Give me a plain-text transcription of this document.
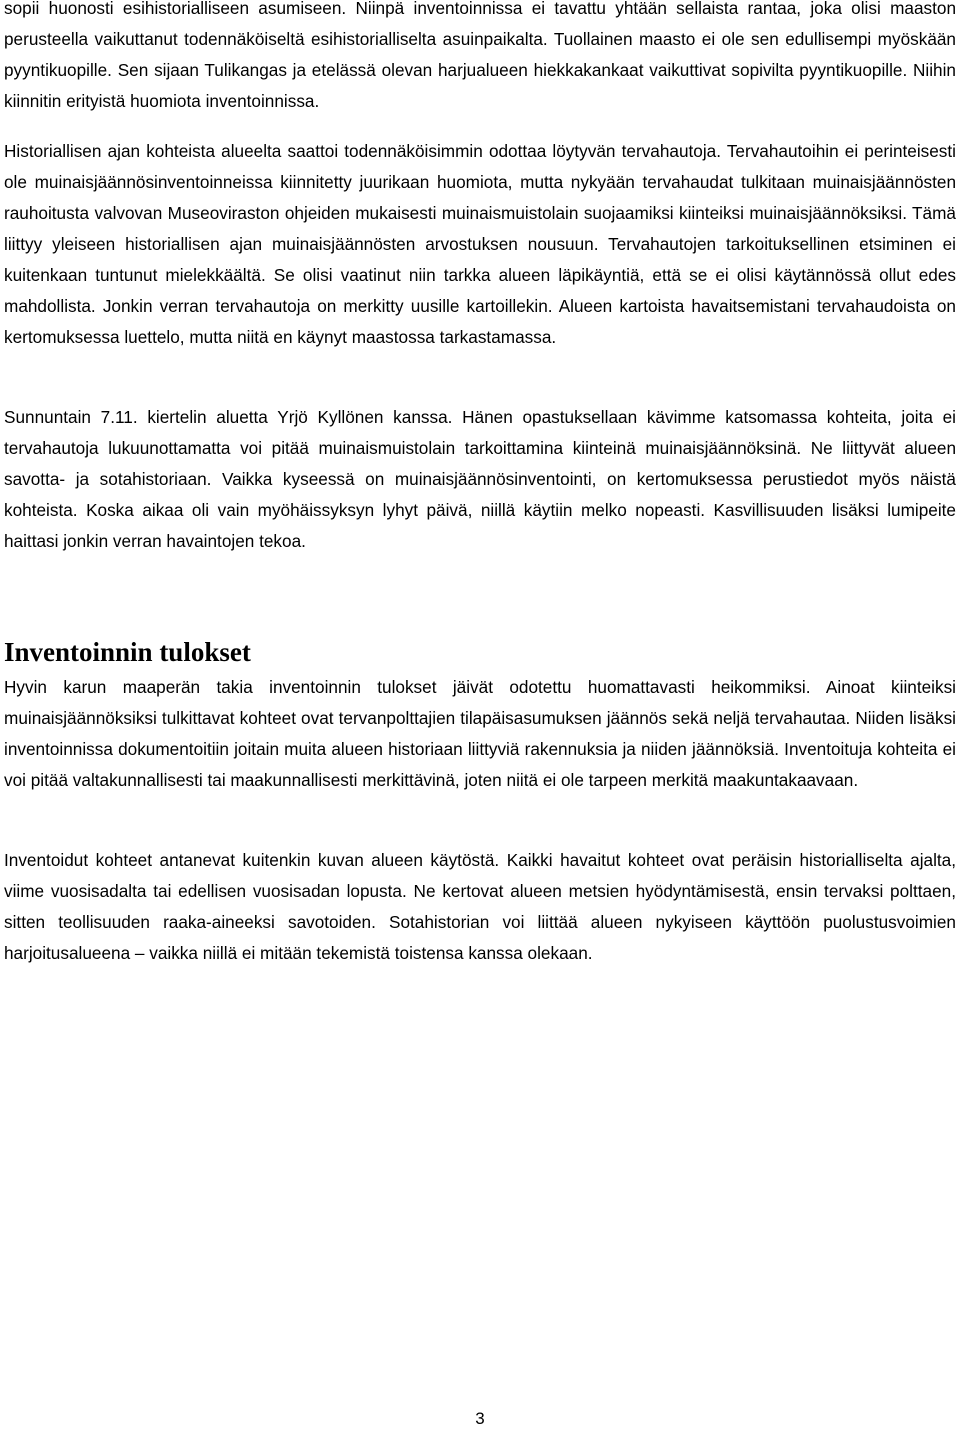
sopii huonosti esihistorialliseen asumiseen. Niinpä inventoinnissa ei tavattu yhtään sellaista rantaa, joka olisi maaston perusteella vaikuttanut todennäköiseltä esihistorialliselta asuinpaikalta. Tuollainen maasto ei ole sen edullisempi myöskään pyyntikuopille. Sen sijaan Tulikangas ja etelässä olevan harjualueen hiekkakankaat vaikuttivat sopivilta pyyntikuopille. Niihin kiinnitin erityistä huomiota inventoinnissa.

Historiallisen ajan kohteista alueelta saattoi todennäköisimmin odottaa löytyvän tervahautoja. Tervahautoihin ei perinteisesti ole muinaisjäännösinventoinneissa kiinnitetty juurikaan huomiota, mutta nykyään tervahaudat tulkitaan muinaisjäännösten rauhoitusta valvovan Museoviraston ohjeiden mukaisesti muinaismuistolain suojaamiksi kiinteiksi muinaisjäännöksiksi. Tämä liittyy yleiseen historiallisen ajan muinaisjäännösten arvostuksen nousuun. Tervahautojen tarkoituksellinen etsiminen ei kuitenkaan tuntunut mielekkäältä. Se olisi vaatinut niin tarkka alueen läpikäyntiä, että se ei olisi käytännössä ollut edes mahdollista. Jonkin verran tervahautoja on merkitty uusille kartoillekin. Alueen kartoista havaitsemistani tervahaudoista on kertomuksessa luettelo, mutta niitä en käynyt maastossa tarkastamassa.

Sunnuntain 7.11. kiertelin aluetta Yrjö Kyllönen kanssa. Hänen opastuksellaan kävimme katsomassa kohteita, joita ei tervahautoja lukuunottamatta voi pitää muinaismuistolain tarkoittamina kiinteinä muinaisjäännöksinä. Ne liittyvät alueen savotta- ja sotahistoriaan. Vaikka kyseessä on muinaisjäännösinventointi, on kertomuksessa perustiedot myös näistä kohteista. Koska aikaa oli vain myöhäissyksyn lyhyt päivä, niillä käytiin melko nopeasti. Kasvillisuuden lisäksi lumipeite haittasi jonkin verran havaintojen tekoa.

Inventoinnin tulokset

Hyvin karun maaperän takia inventoinnin tulokset jäivät odotettu huomattavasti heikommiksi. Ainoat kiinteiksi muinaisjäännöksiksi tulkittavat kohteet ovat tervanpolttajien tilapäisasumuksen jäännös sekä neljä tervahautaa. Niiden lisäksi inventoinnissa dokumentoitiin joitain muita alueen historiaan liittyviä rakennuksia ja niiden jäännöksiä. Inventoituja kohteita ei voi pitää valtakunnallisesti tai maakunnallisesti merkittävinä, joten niitä ei ole tarpeen merkitä maakuntakaavaan.

Inventoidut kohteet antanevat kuitenkin kuvan alueen käytöstä. Kaikki havaitut kohteet ovat peräisin historialliselta ajalta, viime vuosisadalta tai edellisen vuosisadan lopusta. Ne kertovat alueen metsien hyödyntämisestä, ensin tervaksi polttaen, sitten teollisuuden raaka-aineeksi savotoiden. Sotahistorian voi liittää alueen nykyiseen käyttöön puolustusvoimien harjoitusalueena – vaikka niillä ei mitään tekemistä toistensa kanssa olekaan.

3
